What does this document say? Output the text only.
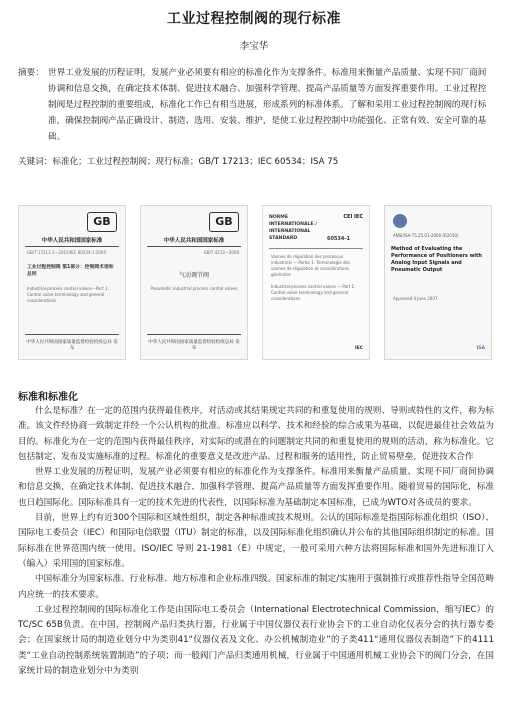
工业过程控制阀的现行标准
李宝华
摘要： 世界工业发展的历程证明，发展产业必须要有相应的标准化作为支撑条件。标准用来衡量产品质量、实现不同厂商间协调和信息交换，在确定技术体制、促进技术融合、加强科学管理、提高产品质量等方面发挥重要作用。工业过程控制阀是过程控制的重要组成，标准化工作已有相当进展，形成系列的标准体系。了解和采用工业过程控制阀的现行标准，确保控制阀产品正确设计、制造、选用、安装、维护，是使工业过程控制中功能强化、正常有效、安全可靠的基础。
关键词：标准化；工业过程控制阀；现行标准；GB/T 17213；IEC 60534；ISA 75
GB
中华人民共和国国家标准
GB/T 17213.1—2015/IEC 60534-1:2005
工业过程控制阀 第1部分：控制阀术语和总则
Industrial-process control valves—Part 1: Control valve terminology and general considerations
中华人民共和国国家质量监督检验检疫总局 发布
GB
中华人民共和国国家标准
GB/T 4213—2008
气动调节阀
Pneumatic industrial process control valves
中华人民共和国国家质量监督检验检疫总局 发布
CEI IEC
NORME INTERNATIONALE / INTERNATIONAL STANDARD	60534-1
Vannes de régulation des processus industriels — Partie 1: Terminologie des vannes de régulation et considérations générales
Industrial-process control valves — Part 1: Control valve terminology and general considerations
IEC
ANSI/ISA-75.25.01-2000 (R2010)
Method of Evaluating the Performance of Positioners with Analog Input Signals and Pneumatic Output
Approved 4 June 2007
ISA
标准和标准化

什么是标准？在一定的范围内获得最佳秩序，对活动或其结果规定共同的和重复使用的规则、导则或特性的文件，称为标准。该文件经协商一致制定并经一个公认机构的批准。标准应以科学、技术和经验的综合成果为基础，以促进最佳社会效益为目的。标准化为在一定的范围内获得最佳秩序，对实际的或潜在的问题制定共同的和重复使用的规则的活动，称为标准化。它包括制定、发布及实施标准的过程。标准化的重要意义是改进产品、过程和服务的适用性，防止贸易壁垒，促进技术合作

世界工业发展的历程证明，发展产业必须要有相应的标准化作为支撑条件。标准用来衡量产品质量、实现不同厂商间协调和信息交换，在确定技术体制、促进技术融合、加强科学管理、提高产品质量等方面发挥重要作用。随着贸易的国际化，标准也日趋国际化。国际标准具有一定的技术先进的代表性，以国际标准为基础制定本国标准，已成为WTO对各成员的要求。

目前，世界上约有近300个国际和区域性组织，制定各种标准或技术规则。公认的国际标准是指国际标准化组织（ISO）、国际电工委员会（IEC）和国际电信联盟（ITU）制定的标准，以及国际标准化组织确认并公布的其他国际组织制定的标准。国际标准在世界范围内统一使用。ISO/IEC 导则 21-1981（E）中规定，一般可采用六种方法将国际标准和国外先进标准订入（编入）采用国的国家标准。

中国标准分为国家标准、行业标准、地方标准和企业标准四级。国家标准的制定/实施用于强制推行或推荐性指导全国范畴内应统一的技术要求。

工业过程控制阀的国际标准化工作是由国际电工委员会（International Electrotechnical Commission，缩写IEC）的TC/SC 65B负责。在中国，控制阀产品归类执行器，行业属于中国仪器仪表行业协会下的工业自动化仪表分会的执行器专委会；在国家统计局的制造业划分中为类别41“仪器仪表及文化、办公机械制造业”的子类411“通用仪器仪表制造”下的4111类“工业自动控制系统装置制造”的子项；而一般阀门产品归类通用机械，行业属于中国通用机械工业协会下的阀门分会，在国家统计局的制造业划分中为类别
